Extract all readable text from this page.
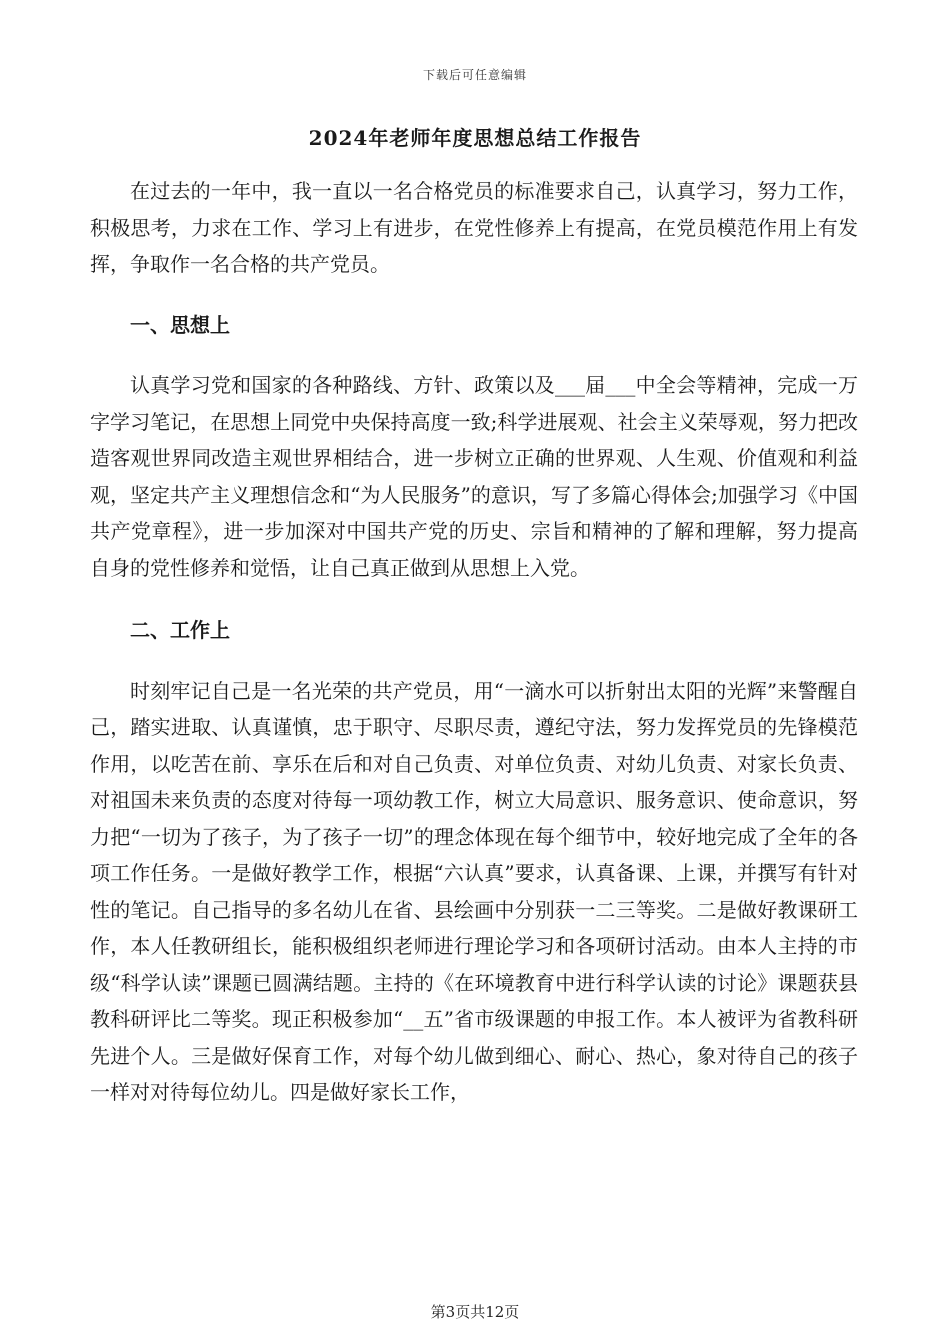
下载后可任意编辑
2024年老师年度思想总结工作报告

在过去的一年中，我一直以一名合格党员的标准要求自己，认真学习，努力工作，积极思考，力求在工作、学习上有进步，在党性修养上有提高，在党员模范作用上有发挥，争取作一名合格的共产党员。

一、思想上

认真学习党和国家的各种路线、方针、政策以及___届___中全会等精神，完成一万字学习笔记，在思想上同党中央保持高度一致;科学进展观、社会主义荣辱观，努力把改造客观世界同改造主观世界相结合，进一步树立正确的世界观、人生观、价值观和利益观，坚定共产主义理想信念和“为人民服务”的意识，写了多篇心得体会;加强学习《中国共产党章程》，进一步加深对中国共产党的历史、宗旨和精神的了解和理解，努力提高自身的党性修养和觉悟，让自己真正做到从思想上入党。

二、工作上

时刻牢记自己是一名光荣的共产党员，用“一滴水可以折射出太阳的光辉”来警醒自己，踏实进取、认真谨慎，忠于职守、尽职尽责，遵纪守法，努力发挥党员的先锋模范作用，以吃苦在前、享乐在后和对自己负责、对单位负责、对幼儿负责、对家长负责、对祖国未来负责的态度对待每一项幼教工作，树立大局意识、服务意识、使命意识，努力把“一切为了孩子，为了孩子一切”的理念体现在每个细节中，较好地完成了全年的各项工作任务。一是做好教学工作，根据“六认真”要求，认真备课、上课，并撰写有针对性的笔记。自己指导的多名幼儿在省、县绘画中分别获一二三等奖。二是做好教课研工作，本人任教研组长，能积极组织老师进行理论学习和各项研讨活动。由本人主持的市级“科学认读”课题已圆满结题。主持的《在环境教育中进行科学认读的讨论》课题获县教科研评比二等奖。现正积极参加“__五”省市级课题的申报工作。本人被评为省教科研先进个人。三是做好保育工作，对每个幼儿做到细心、耐心、热心，象对待自己的孩子一样对对待每位幼儿。四是做好家长工作，

第3页共12页
